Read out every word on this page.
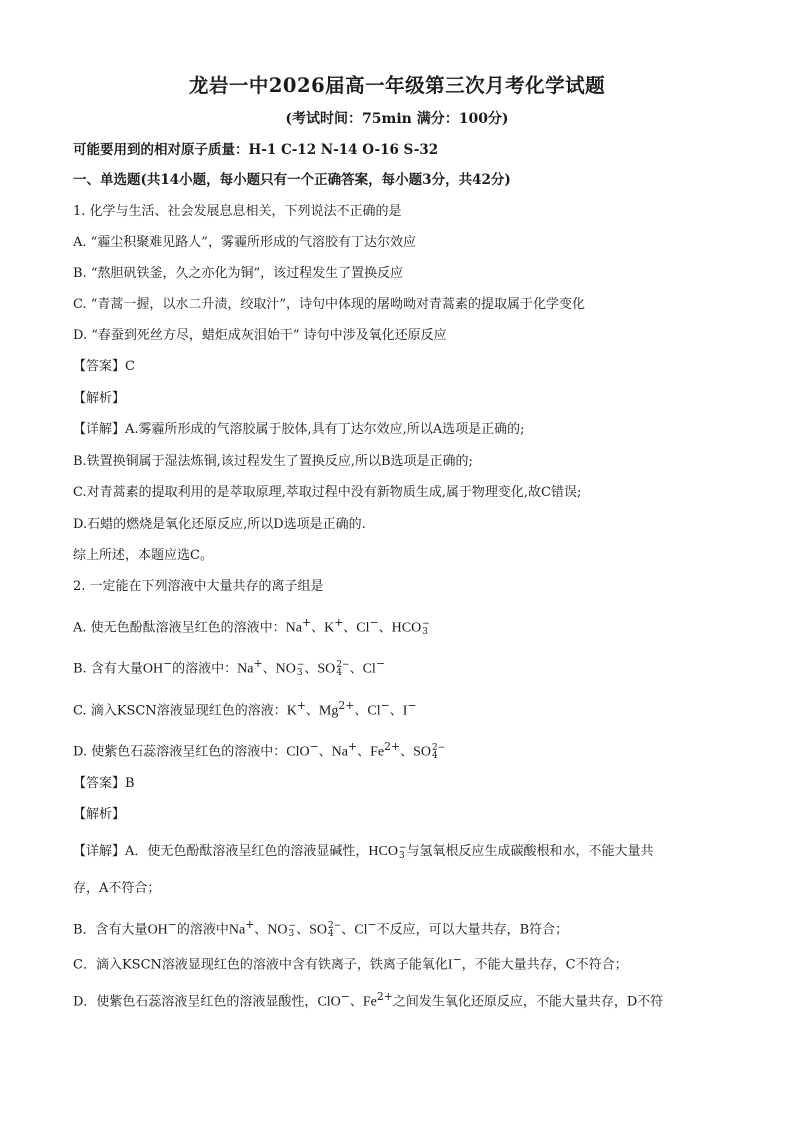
龙岩一中2026届高一年级第三次月考化学试题
(考试时间：75min 满分：100分)
可能要用到的相对原子质量：H-1 C-12 N-14 O-16 S-32
一、单选题(共14小题，每小题只有一个正确答案，每小题3分，共42分)
1. 化学与生活、社会发展息息相关，下列说法不正确的是
A. “霾尘积聚难见路人”，雾霾所形成的气溶胶有丁达尔效应
B. “熬胆矾铁釜，久之亦化为铜”，该过程发生了置换反应
C. “青蒿一握，以水二升渍，绞取汁”，诗句中体现的屠呦呦对青蒿素的提取属于化学变化
D. “春蚕到死丝方尽，蜡炬成灰泪始干” 诗句中涉及氧化还原反应
【答案】C
【解析】
【详解】A.雾霾所形成的气溶胶属于胶体,具有丁达尔效应,所以A选项是正确的;
B.铁置换铜属于湿法炼铜,该过程发生了置换反应,所以B选项是正确的;
C.对青蒿素的提取利用的是萃取原理,萃取过程中没有新物质生成,属于物理变化,故C错误;
D.石蜡的燃烧是氧化还原反应,所以D选项是正确的.
综上所述，本题应选C。
2. 一定能在下列溶液中大量共存的离子组是
A. 使无色酚酞溶液呈红色的溶液中：Na+、K+、Cl−、HCO −
3
B. 含有大量OH−的溶液中：Na+、NO −
3 、SO 2−
4 、Cl−
C. 滴入KSCN溶液显现红色的溶液：K+、$Mg^{2+}$、Cl−、I−
D. 使紫色石蕊溶液呈红色的溶液中：ClO−、Na+、$Fe^{2+}$、SO 2−
4
【答案】B
【解析】
【详解】A．使无色酚酞溶液呈红色的溶液显碱性，HCO −
3 与氢氧根反应生成碳酸根和水，不能大量共
存，A不符合；
B．含有大量OH−的溶液中Na+、NO −
3 、SO 2−
4 、Cl−不反应，可以大量共存，B符合；
C．滴入KSCN溶液显现红色的溶液中含有铁离子，铁离子能氧化I−，不能大量共存，C不符合；
D．使紫色石蕊溶液呈红色的溶液显酸性，ClO−、$Fe^{2+}$之间发生氧化还原反应，不能大量共存，D不符
